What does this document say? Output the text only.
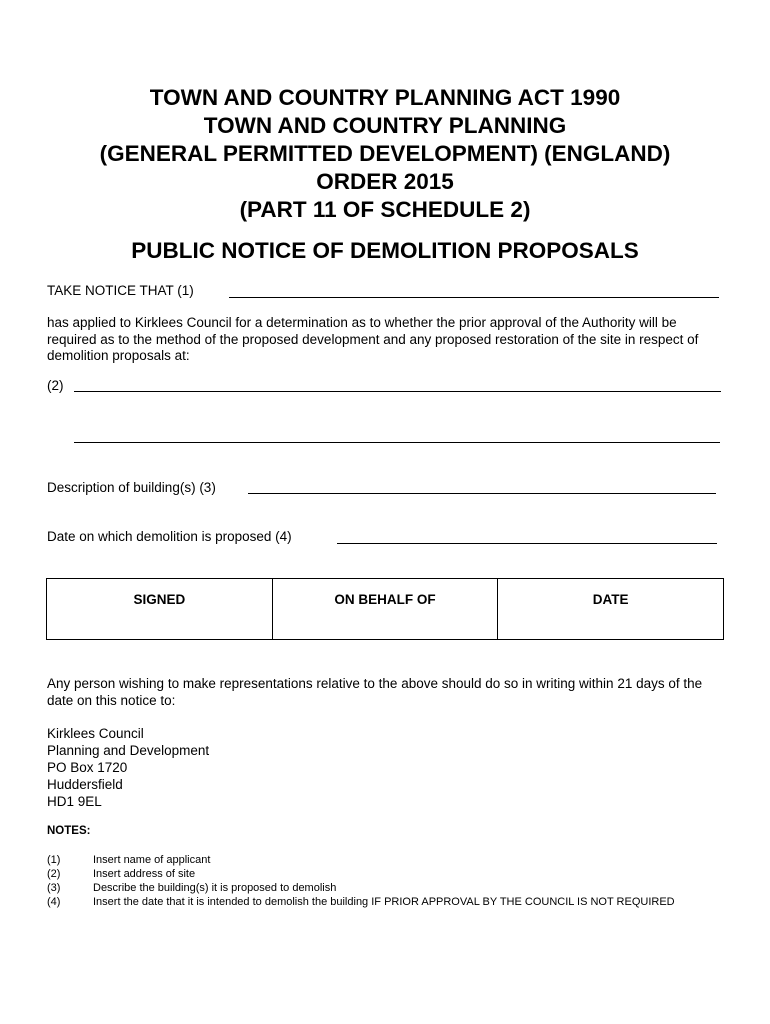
TOWN AND COUNTRY PLANNING ACT 1990
TOWN AND COUNTRY PLANNING
(GENERAL PERMITTED DEVELOPMENT) (ENGLAND)
ORDER 2015
(PART 11 OF SCHEDULE 2)
PUBLIC NOTICE OF DEMOLITION PROPOSALS
TAKE NOTICE THAT (1)
has applied to Kirklees Council for a determination as to whether the prior approval of the Authority will be required as to the method of the proposed development and any proposed restoration of the site in respect of demolition proposals at:
(2)
Description of building(s) (3)
Date on which demolition is proposed (4)
SIGNED	ON BEHALF OF	DATE
Any person wishing to make representations relative to the above should do so in writing within 21 days of the date on this notice to:
Kirklees Council
Planning and Development
PO Box 1720
Huddersfield
HD1 9EL
NOTES:
(1)	Insert name of applicant
(2)	Insert address of site
(3)	Describe the building(s) it is proposed to demolish
(4)	Insert the date that it is intended to demolish the building IF PRIOR APPROVAL BY THE COUNCIL IS NOT REQUIRED
